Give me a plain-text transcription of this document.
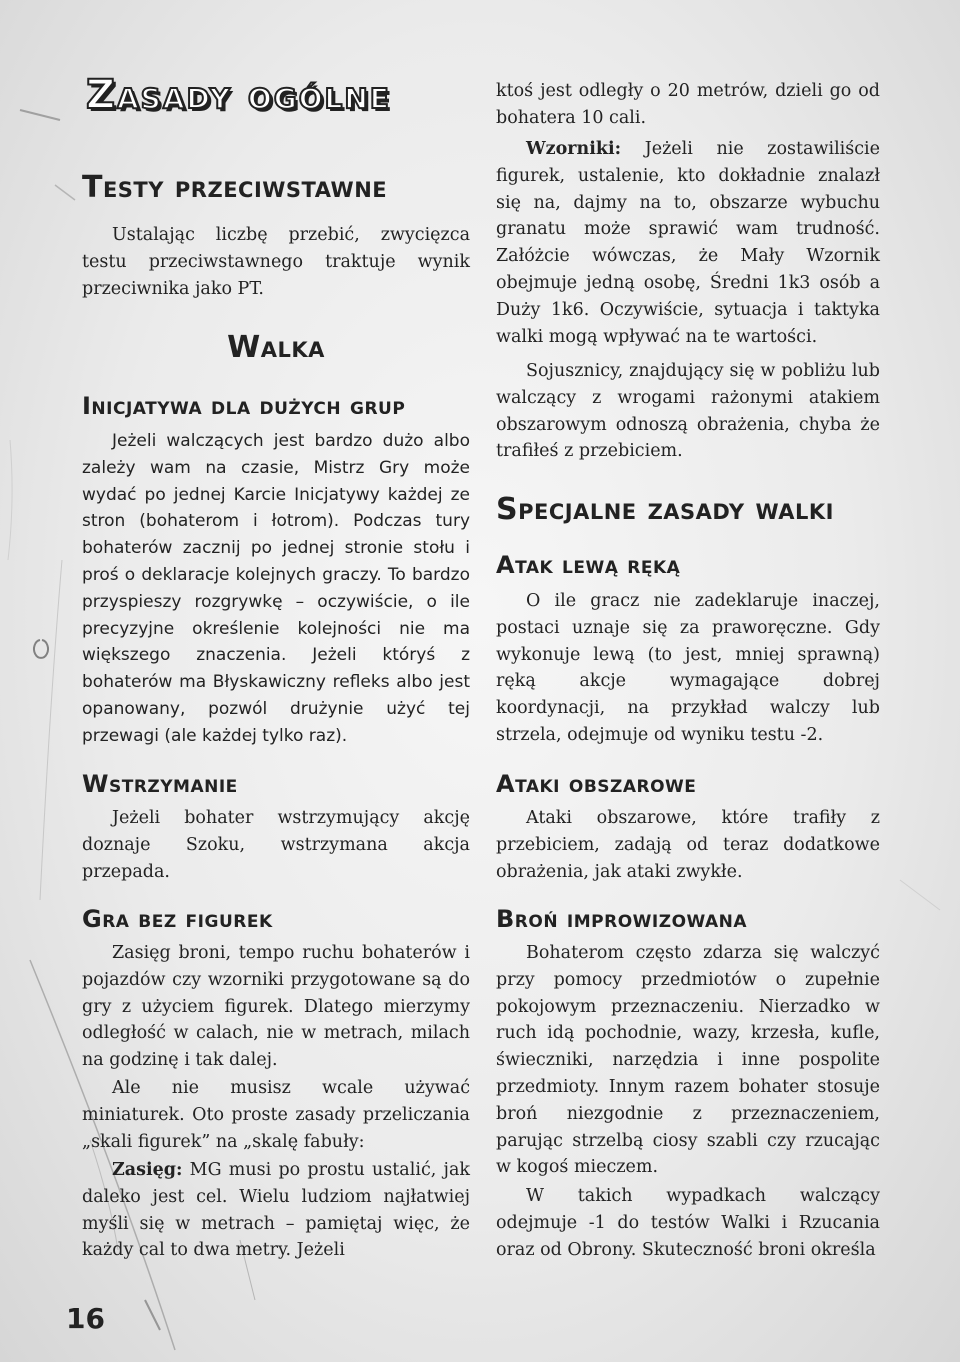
Zasady ogólne
Testy przeciwstawne

Ustalając liczbę przebić, zwycięzca testu przeciwstawnego traktuje wynik przeciwnika jako PT.

Walka
Inicjatywa dla dużych grup

Jeżeli walczących jest bardzo dużo albo zależy wam na czasie, Mistrz Gry może wydać po jednej Karcie Inicjatywy każdej ze stron (bohaterom i łotrom). Podczas tury bohaterów zacznij po jednej stronie stołu i proś o deklaracje kolejnych graczy. To bardzo przyspieszy rozgrywkę – oczywiście, o ile precyzyjne określenie kolejności nie ma większego znaczenia. Jeżeli któryś z bohaterów ma Błyskawiczny refleks albo jest opanowany, pozwól drużynie użyć tej przewagi (ale każdej tylko raz).

Wstrzymanie

Jeżeli bohater wstrzymujący akcję doznaje Szoku, wstrzymana akcja przepada.

Gra bez figurek

Zasięg broni, tempo ruchu bohaterów i pojazdów czy wzorniki przygotowane są do gry z użyciem figurek. Dlatego mierzymy odległość w calach, nie w metrach, milach na godzinę i tak dalej.

Ale nie musisz wcale używać miniaturek. Oto proste zasady przeliczania „skali figurek” na „skalę fabuły:

Zasięg: MG musi po prostu ustalić, jak daleko jest cel. Wielu ludziom najłatwiej myśli się w metrach – pamiętaj więc, że każdy cal to dwa metry. Jeżeli

ktoś jest odległy o 20 metrów, dzieli go od bohatera 10 cali.

Wzorniki: Jeżeli nie zostawiliście figurek, ustalenie, kto dokładnie znalazł się na, dajmy na to, obszarze wybuchu granatu może sprawić wam trudność. Załóżcie wówczas, że Mały Wzornik obejmuje jedną osobę, Średni 1k3 osób a Duży 1k6. Oczywiście, sytuacja i taktyka walki mogą wpływać na te wartości.

Sojusznicy, znajdujący się w pobliżu lub walczący z wrogami rażonymi atakiem obszarowym odnoszą obrażenia, chyba że trafiłeś z przebiciem.

Specjalne zasady walki
Atak lewą ręką

O ile gracz nie zadeklaruje inaczej, postaci uznaje się za praworęczne. Gdy wykonuje lewą (to jest, mniej sprawną) ręką akcje wymagające dobrej koordynacji, na przykład walczy lub strzela, odejmuje od wyniku testu -2.

Ataki obszarowe

Ataki obszarowe, które trafiły z przebiciem, zadają od teraz dodatkowe obrażenia, jak ataki zwykłe.

Broń improwizowana

Bohaterom często zdarza się walczyć przy pomocy przedmiotów o zupełnie pokojowym przeznaczeniu. Nierzadko w ruch idą pochodnie, wazy, krzesła, kufle, świeczniki, narzędzia i inne pospolite przedmioty. Innym razem bohater stosuje broń niezgodnie z przeznaczeniem, parując strzelbą ciosy szabli czy rzucając w kogoś mieczem.

W takich wypadkach walczący odejmuje -1 do testów Walki i Rzucania oraz od Obrony. Skuteczność broni określa

16
